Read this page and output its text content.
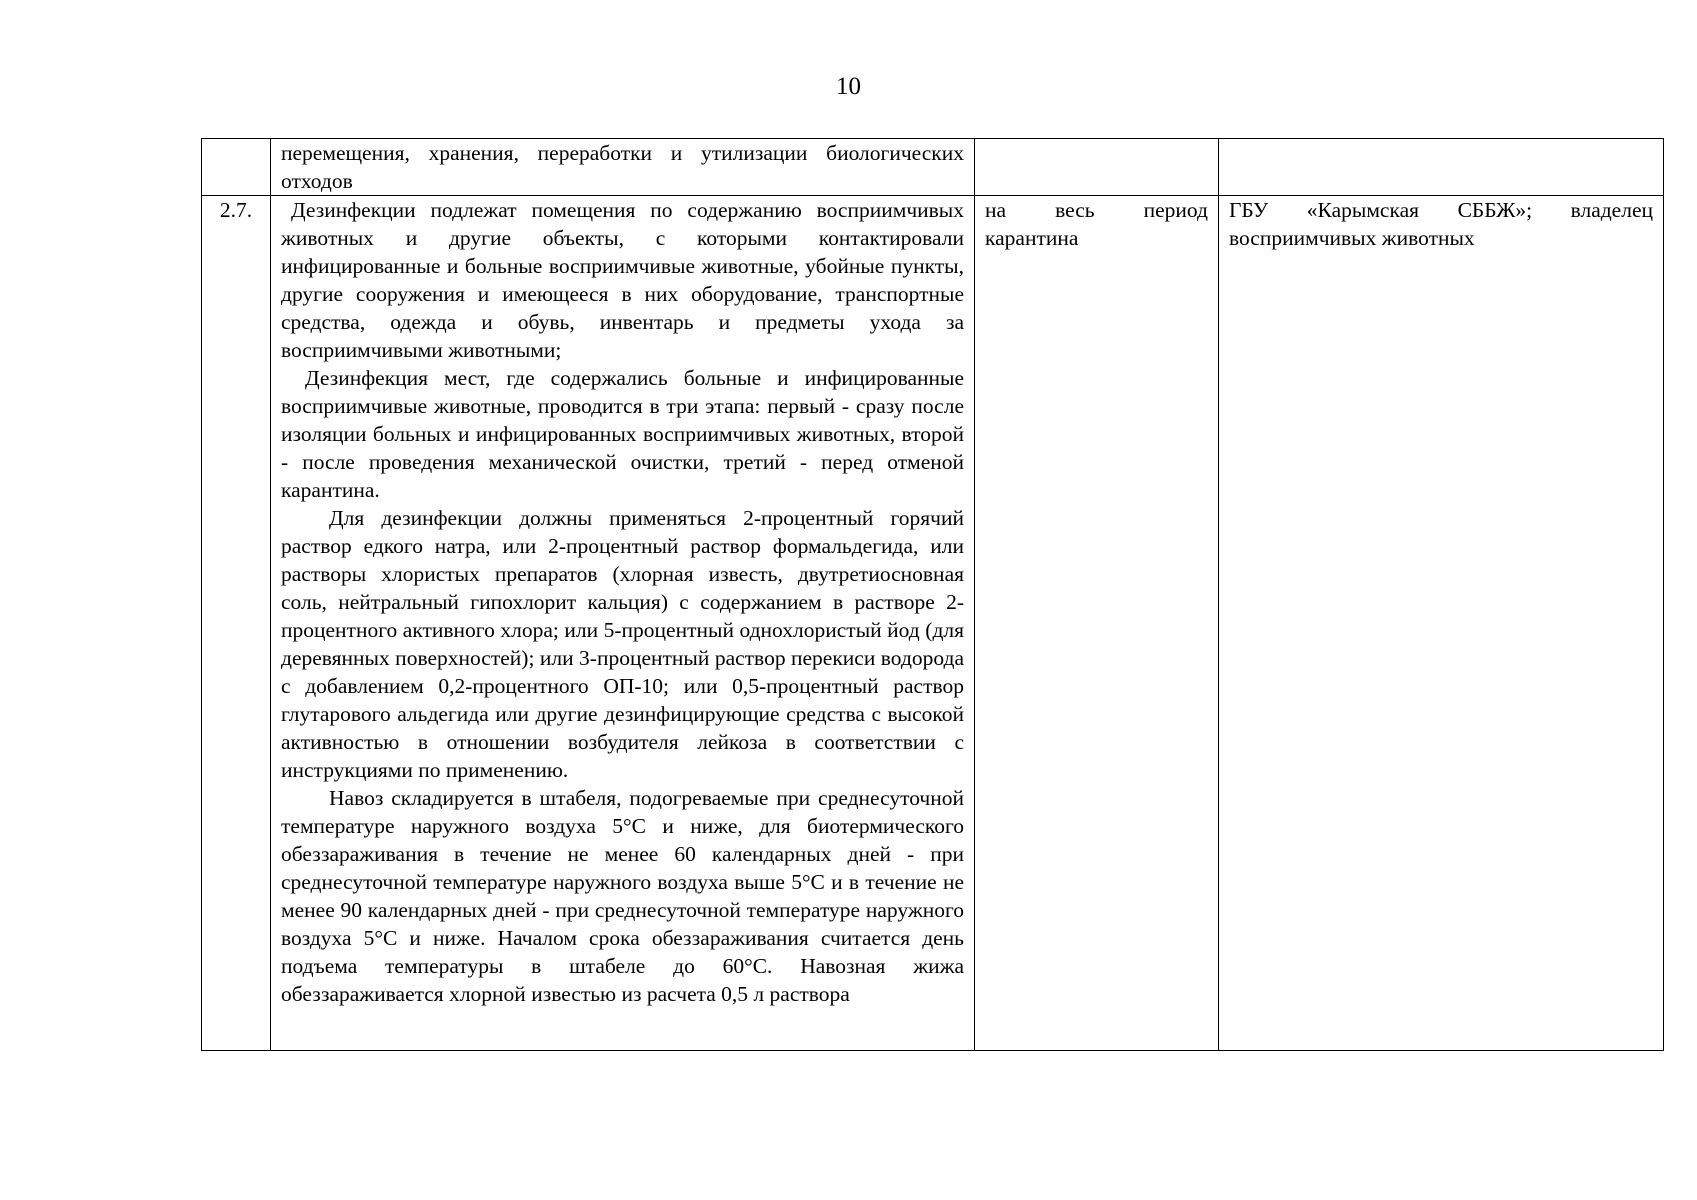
10

	перемещения, хранения, переработки и утилизации биологических отходов		

2.7.	Дезинфекции подлежат помещения по содержанию восприимчивых животных и другие объекты, с которыми контактировали инфицированные и больные восприимчивые животные, убойные пункты, другие сооружения и имеющееся в них оборудование, транспортные средства, одежда и обувь, инвентарь и предметы ухода за восприимчивыми животными;

Дезинфекция мест, где содержались больные и инфицированные восприимчивые животные, проводится в три этапа: первый - сразу после изоляции больных и инфицированных восприимчивых животных, второй - после проведения механической очистки, третий - перед отменой карантина.

Для дезинфекции должны применяться 2-процентный горячий раствор едкого натра, или 2-процентный раствор формальдегида, или растворы хлористых препаратов (хлорная известь, двутретиосновная соль, нейтральный гипохлорит кальция) с содержанием в растворе 2-процентного активного хлора; или 5-процентный однохлористый йод (для деревянных поверхностей); или 3-процентный раствор перекиси водорода с добавлением 0,2-процентного ОП-10; или 0,5-процентный раствор глутарового альдегида или другие дезинфицирующие средства с высокой активностью в отношении возбудителя лейкоза в соответствии с инструкциями по применению.

Навоз складируется в штабеля, подогреваемые при среднесуточной температуре наружного воздуха 5°С и ниже, для биотермического обеззараживания в течение не менее 60 календарных дней - при среднесуточной температуре наружного воздуха выше 5°С и в течение не менее 90 календарных дней - при среднесуточной температуре наружного воздуха 5°С и ниже. Началом срока обеззараживания считается день подъема температуры в штабеле до 60°С. Навозная жижа обеззараживается хлорной известью из расчета 0,5 л раствора	на весь период карантина	ГБУ «Карымская СББЖ»; владелец восприимчивых животных
